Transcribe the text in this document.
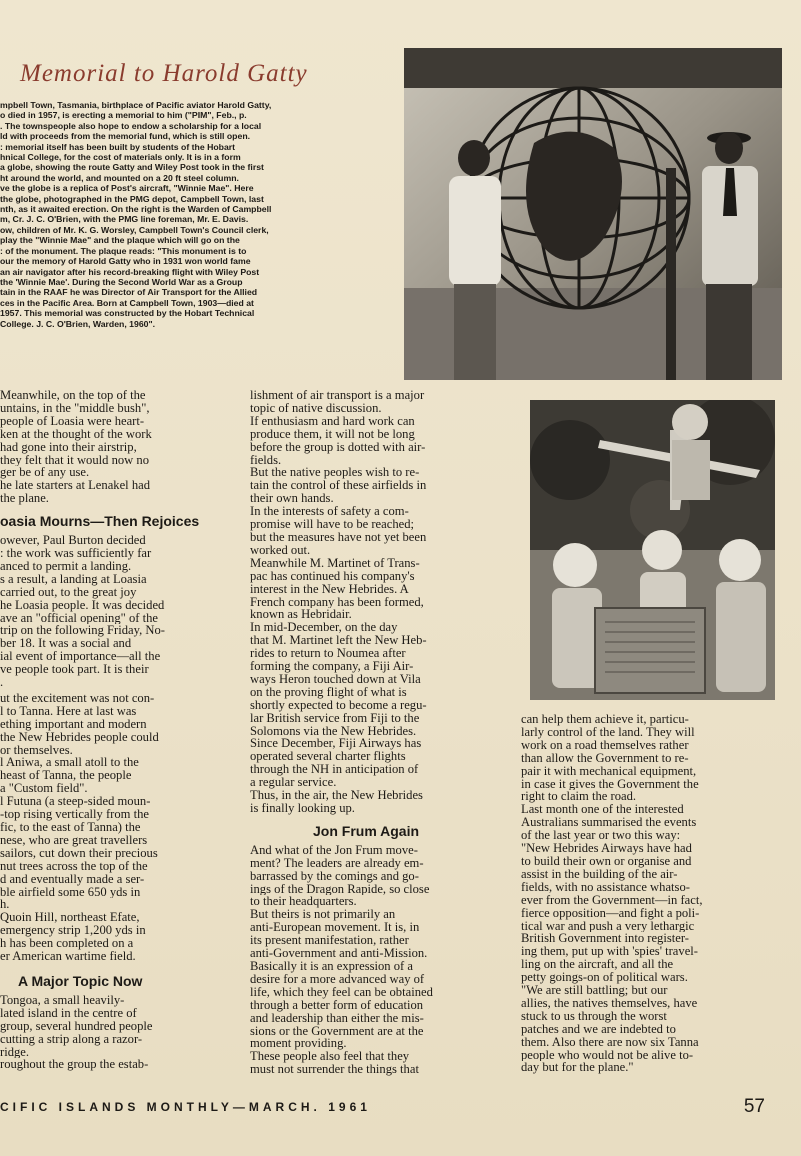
Memorial to Harold Gatty
mpbell Town, Tasmania, birthplace of Pacific aviator Harold Gatty,
o died in 1957, is erecting a memorial to him ("PIM", Feb., p.
. The townspeople also hope to endow a scholarship for a local
ld with proceeds from the memorial fund, which is still open.
: memorial itself has been built by students of the Hobart
hnical College, for the cost of materials only. It is in a form
a globe, showing the route Gatty and Wiley Post took in the first
ht around the world, and mounted on a 20 ft steel column.
ve the globe is a replica of Post's aircraft, "Winnie Mae". Here
the globe, photographed in the PMG depot, Campbell Town, last
nth, as it awaited erection. On the right is the Warden of Campbell
m, Cr. J. C. O'Brien, with the PMG line foreman, Mr. E. Davis.
ow, children of Mr. K. G. Worsley, Campbell Town's Council clerk,
play the "Winnie Mae" and the plaque which will go on the
: of the monument. The plaque reads: "This monument is to
our the memory of Harold Gatty who in 1931 won world fame
an air navigator after his record-breaking flight with Wiley Post
the 'Winnie Mae'. During the Second World War as a Group
tain in the RAAF he was Director of Air Transport for the Allied
ces in the Pacific Area. Born at Campbell Town, 1903—died at
1957. This memorial was constructed by the Hobart Technical
College. J. C. O'Brien, Warden, 1960".

Meanwhile, on the top of the
untains, in the "middle bush",
people of Loasia were heart-
ken at the thought of the work
had gone into their airstrip,
they felt that it would now no
ger be of any use.
he late starters at Lenakel had
the plane.

oasia Mourns—Then Rejoices

owever, Paul Burton decided
: the work was sufficiently far
anced to permit a landing.
s a result, a landing at Loasia
carried out, to the great joy
he Loasia people. It was decided
ave an "official opening" of the
trip on the following Friday, No-
ber 18. It was a social and
ial event of importance—all the
ve people took part. It is their
.

ut the excitement was not con-
l to Tanna. Here at last was
ething important and modern
the New Hebrides people could
or themselves.
l Aniwa, a small atoll to the
heast of Tanna, the people
a "Custom field".
l Futuna (a steep-sided moun-
-top rising vertically from the
fic, to the east of Tanna) the
nese, who are great travellers
sailors, cut down their precious
nut trees across the top of the
d and eventually made a ser-
ble airfield some 650 yds in
h.
Quoin Hill, northeast Efate,
emergency strip 1,200 yds in
h has been completed on a
er American wartime field.

A Major Topic Now

Tongoa, a small heavily-
lated island in the centre of
group, several hundred people
cutting a strip along a razor-
ridge.
roughout the group the estab-

lishment of air transport is a major
topic of native discussion.
If enthusiasm and hard work can
produce them, it will not be long
before the group is dotted with air-
fields.
But the native peoples wish to re-
tain the control of these airfields in
their own hands.
In the interests of safety a com-
promise will have to be reached;
but the measures have not yet been
worked out.
Meanwhile M. Martinet of Trans-
pac has continued his company's
interest in the New Hebrides. A
French company has been formed,
known as Hebridair.
In mid-December, on the day
that M. Martinet left the New Heb-
rides to return to Noumea after
forming the company, a Fiji Air-
ways Heron touched down at Vila
on the proving flight of what is
shortly expected to become a regu-
lar British service from Fiji to the
Solomons via the New Hebrides.
Since December, Fiji Airways has
operated several charter flights
through the NH in anticipation of
a regular service.
Thus, in the air, the New Hebrides
is finally looking up.

Jon Frum Again

And what of the Jon Frum move-
ment? The leaders are already em-
barrassed by the comings and go-
ings of the Dragon Rapide, so close
to their headquarters.
But theirs is not primarily an
anti-European movement. It is, in
its present manifestation, rather
anti-Government and anti-Mission.
Basically it is an expression of a
desire for a more advanced way of
life, which they feel can be obtained
through a better form of education
and leadership than either the mis-
sions or the Government are at the
moment providing.
These people also feel that they
must not surrender the things that

can help them achieve it, particu-
larly control of the land. They will
work on a road themselves rather
than allow the Government to re-
pair it with mechanical equipment,
in case it gives the Government the
right to claim the road.
Last month one of the interested
Australians summarised the events
of the last year or two this way:
"New Hebrides Airways have had
to build their own or organise and
assist in the building of the air-
fields, with no assistance whatso-
ever from the Government—in fact,
fierce opposition—and fight a poli-
tical war and push a very lethargic
British Government into register-
ing them, put up with 'spies' travel-
ling on the aircraft, and all the
petty goings-on of political wars.
"We are still battling; but our
allies, the natives themselves, have
stuck to us through the worst
patches and we are indebted to
them. Also there are now six Tanna
people who would not be alive to-
day but for the plane."

CIFIC ISLANDS MONTHLY—MARCH. 1961	57
